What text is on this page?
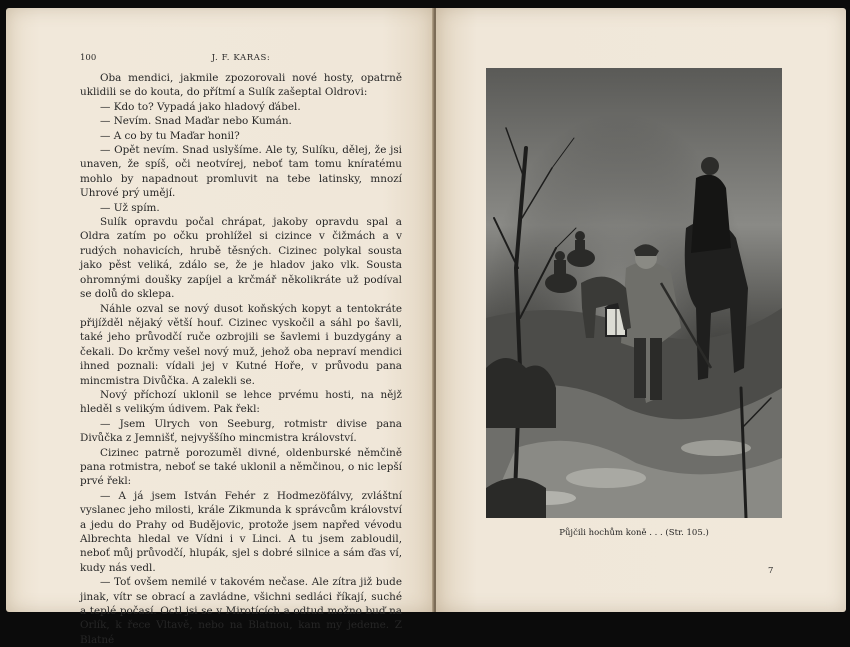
100	J. F. KARAS:

Oba mendici, jakmile zpozorovali nové hosty, opatrně uklidili se do kouta, do přítmí a Sulík zašeptal Oldrovi:

— Kdo to? Vypadá jako hladový ďábel.

— Nevím. Snad Maďar nebo Kumán.

— A co by tu Maďar honil?

— Opět nevím. Snad uslyšíme. Ale ty, Sulíku, dělej, že jsi unaven, že spíš, oči neotvírej, neboť tam tomu kníratému mohlo by napadnout promluvit na tebe latinsky, mnozí Uhrové prý umějí.

— Už spím.

Sulík opravdu počal chrápat, jakoby opravdu spal a Oldra zatím po očku prohlížel si cizince v čižmách a v rudých nohavicích, hrubě těsných. Cizinec polykal sousta jako pěst veliká, zdálo se, že je hladov jako vlk. Sousta ohromnými doušky zapíjel a krčmář několikráte už podíval se dolů do sklepa.

Náhle ozval se nový dusot koňských kopyt a tentokráte přijížděl nějaký větší houf. Cizinec vyskočil a sáhl po šavli, také jeho průvodčí ruče ozbrojili se šavlemi i buzdygány a čekali. Do krčmy vešel nový muž, jehož oba nepraví mendici ihned poznali: vídali jej v Kutné Hoře, v průvodu pana mincmistra Divůčka. A zalekli se.

Nový příchozí uklonil se lehce prvému hosti, na nějž hleděl s velikým údivem. Pak řekl:

— Jsem Ulrych von Seeburg, rotmistr divise pana Divůčka z Jemnišť, nejvyššího mincmistra království.

Cizinec patrně porozuměl divné, oldenburské němčině pana rotmistra, neboť se také uklonil a němčinou, o nic lepší prvé řekl:

— A já jsem István Fehér z Hodmezöfálvy, zvláštní vyslanec jeho milosti, krále Zikmunda k správcům království a jedu do Prahy od Budějovic, protože jsem napřed vévodu Albrechta hledal ve Vídni i v Linci. A tu jsem zabloudil, neboť můj průvodčí, hlupák, sjel s dobré silnice a sám ďas ví, kudy nás vedl.

— Toť ovšem nemilé v takovém nečase. Ale zítra již bude jinak, vítr se obrací a zavládne, všichni sedláci říkají, suché a teplé počasí. Octl jsi se v Mirotících a odtud možno buď na Orlík, k řece Vltavě, nebo na Blatnou, kam my jedeme. Z Blatné

Půjčili hochům koně . . . (Str. 105.)
7
